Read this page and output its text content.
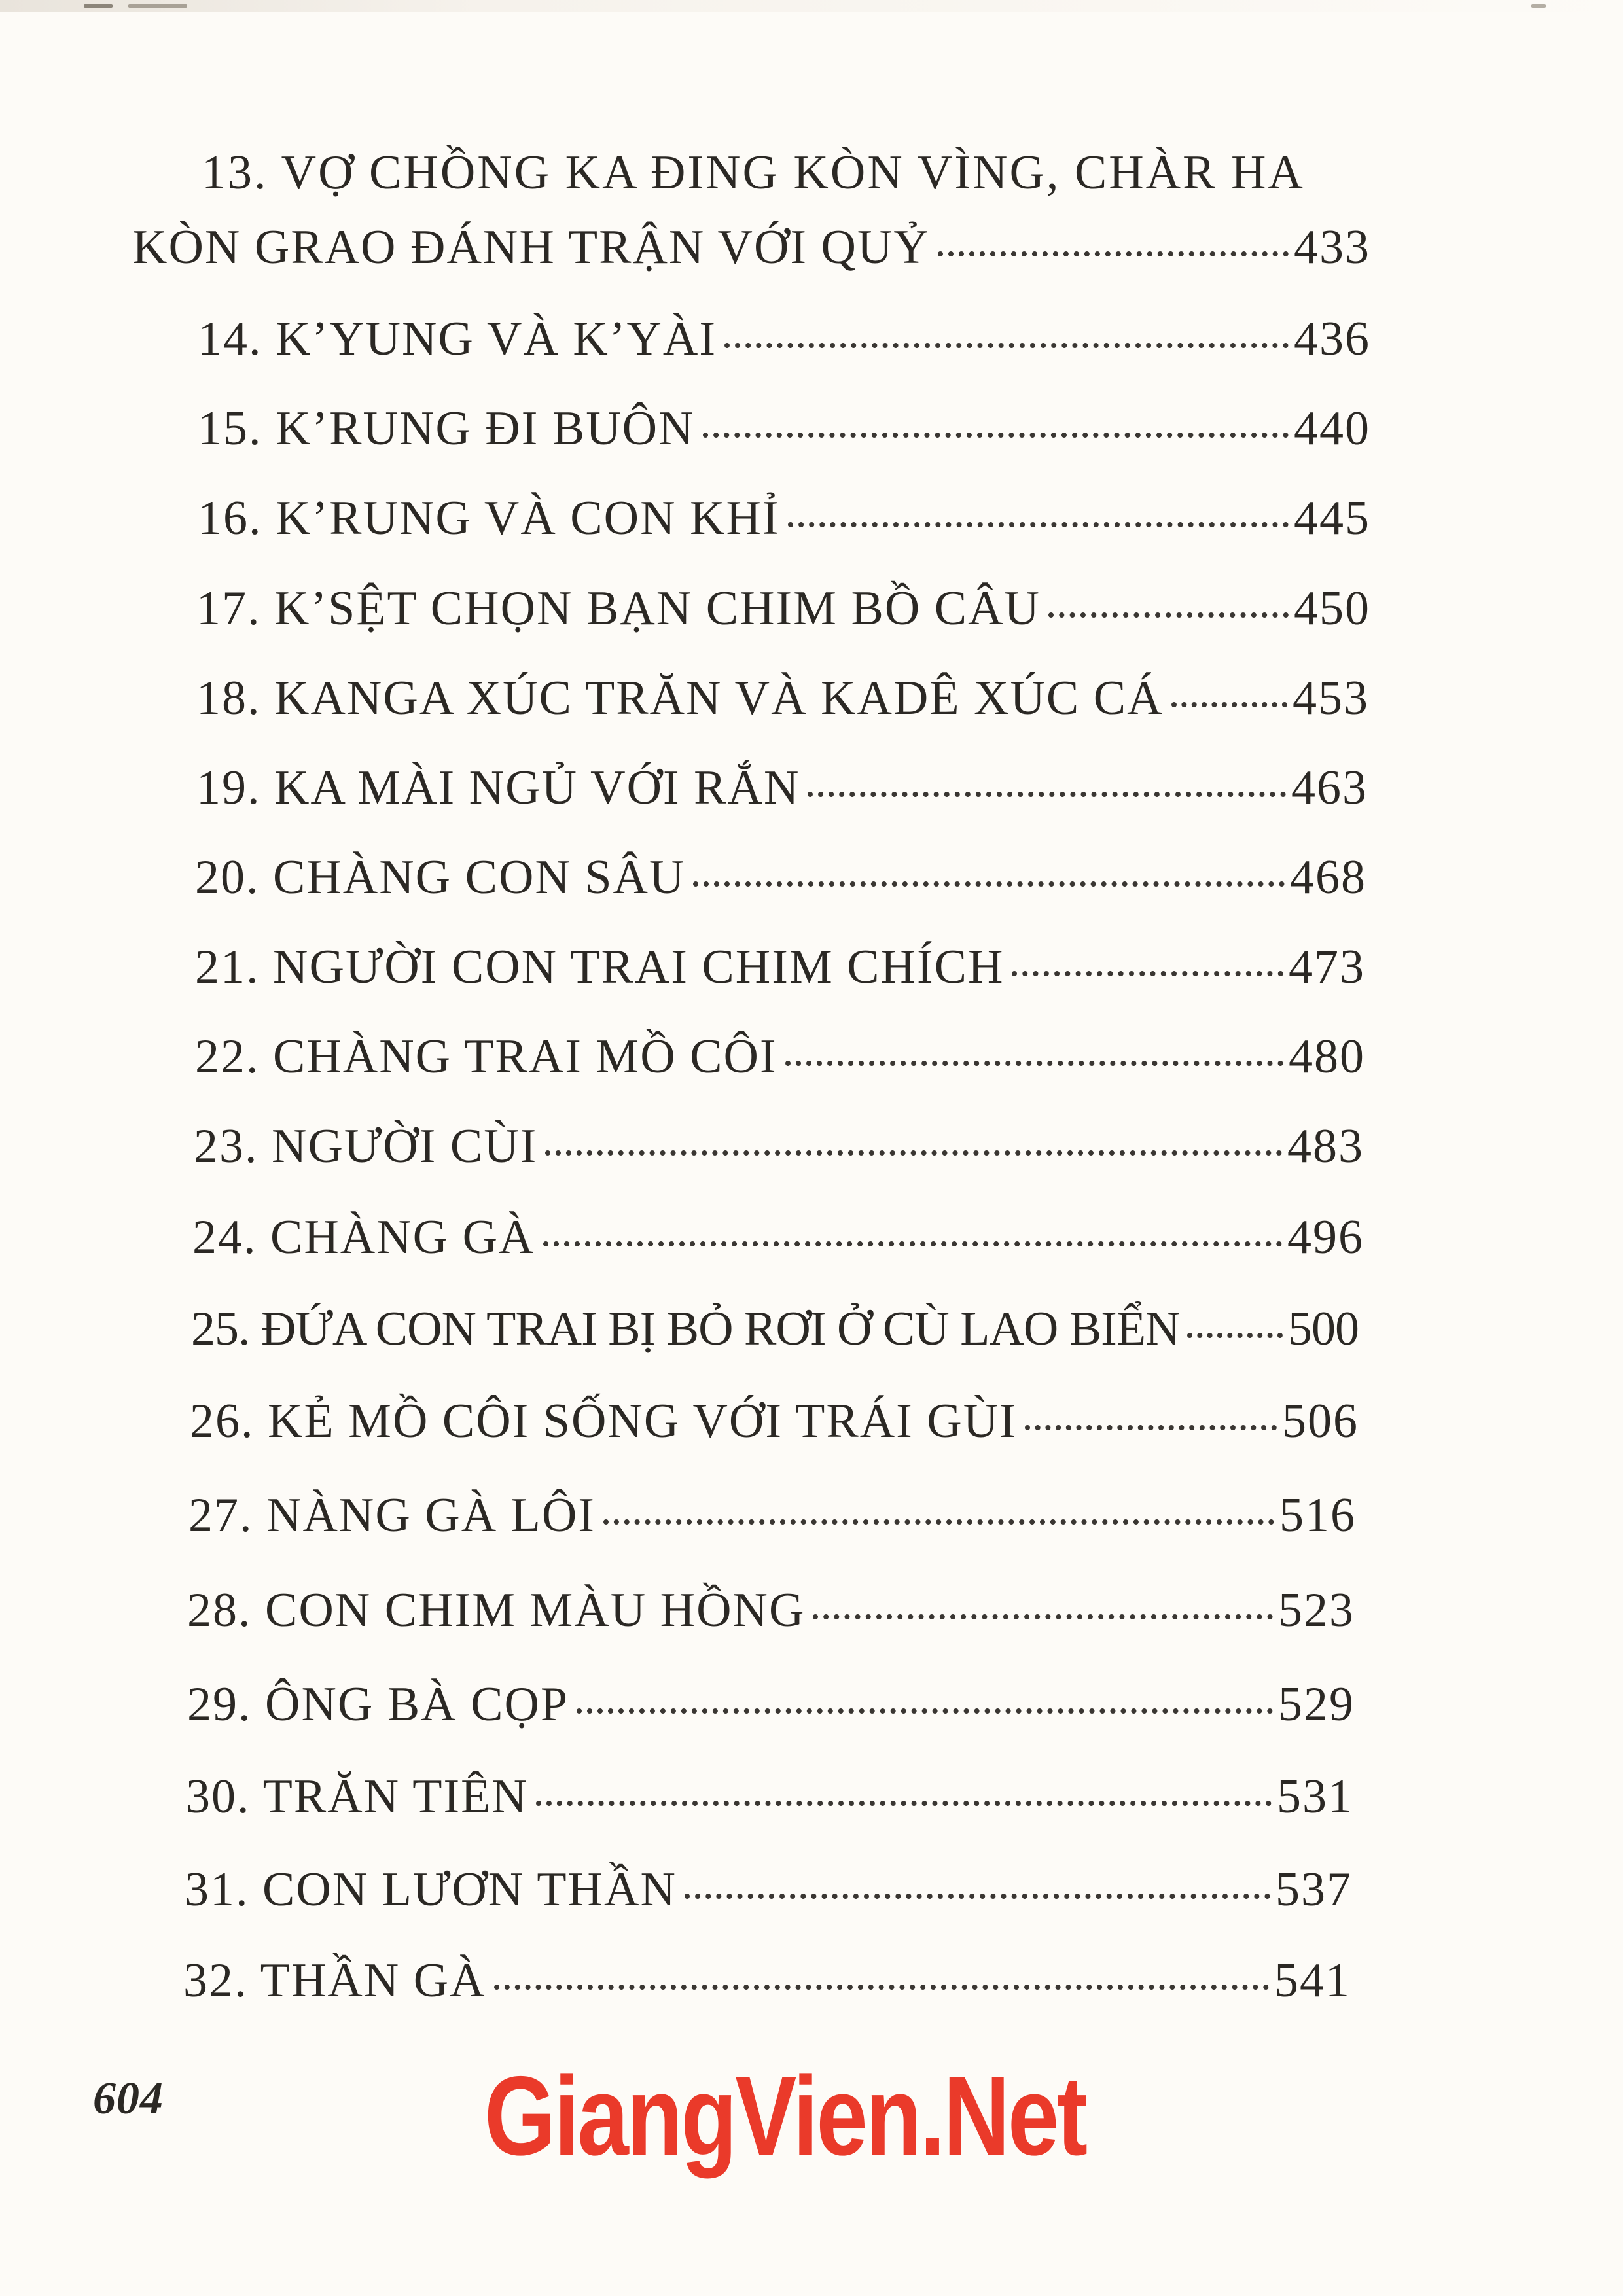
13. VỢ CHỒNG KA ĐING KÒN VÌNG, CHÀR HA
KÒN GRAO ĐÁNH TRẬN VỚI QUỶ	433
14. K’YUNG VÀ K’YÀI	436
15. K’RUNG ĐI BUÔN	440
16. K’RUNG VÀ CON KHỈ	445
17. K’SỆT CHỌN BẠN CHIM BỒ CÂU	450
18. KANGA XÚC TRĂN VÀ KADÊ XÚC CÁ	453
19. KA MÀI NGỦ VỚI RẮN	463
20. CHÀNG CON SÂU	468
21. NGƯỜI CON TRAI CHIM CHÍCH	473
22. CHÀNG TRAI MỒ CÔI	480
23. NGƯỜI CÙI	483
24. CHÀNG GÀ	496
25. ĐỨA CON TRAI BỊ BỎ RƠI Ở CÙ LAO BIỂN 500
26. KẺ MỒ CÔI SỐNG VỚI TRÁI GÙI	506
27. NÀNG GÀ LÔI	516
28. CON CHIM MÀU HỒNG	523
29. ÔNG BÀ CỌP	529
30. TRĂN TIÊN	531
31. CON LƯƠN THẦN	537
32. THẦN GÀ	541
604	GiangVien.Net
